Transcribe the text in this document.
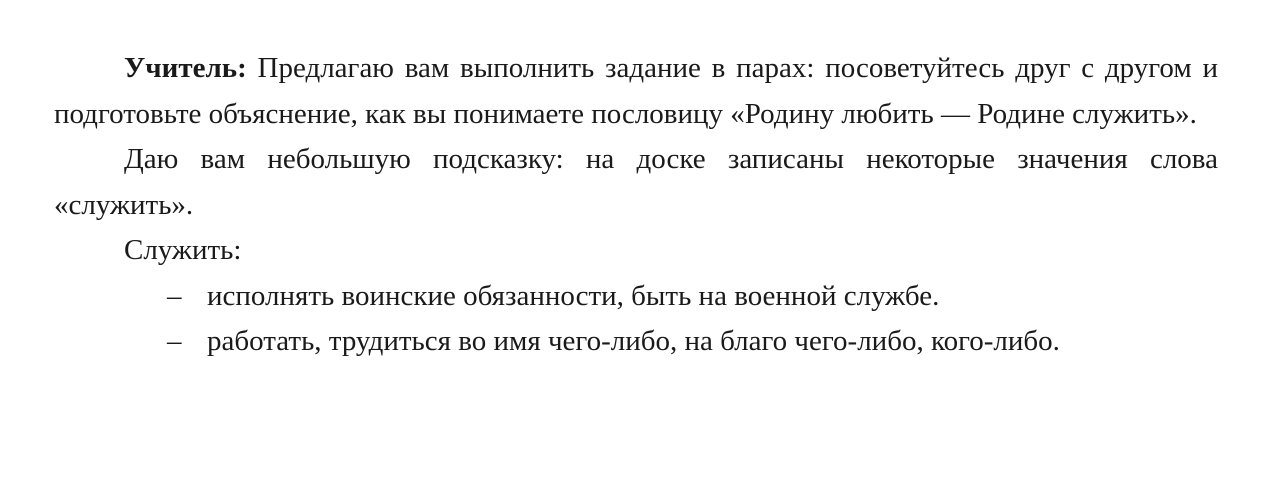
Учитель: Предлагаю вам выполнить задание в парах: посоветуйтесь друг с другом и подготовьте объяснение, как вы понимаете пословицу «Родину любить — Родине служить».

Даю вам небольшую подсказку: на доске записаны некоторые значения слова «служить».

Служить:

– исполнять воинские обязанности, быть на военной службе.
– работать, трудиться во имя чего-либо, на благо чего-либо, кого-либо.
